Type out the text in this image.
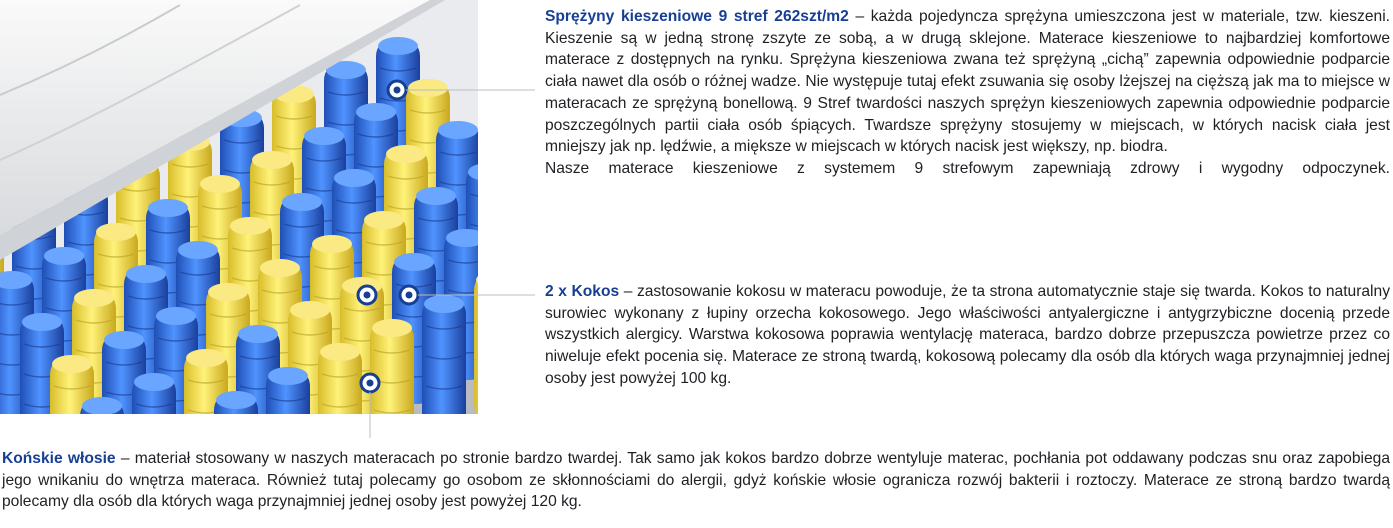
Sprężyny kieszeniowe 9 stref 262szt/m2 – każda pojedyncza sprężyna umieszczona jest w materiale, tzw. kieszeni. Kieszenie są w jedną stronę zszyte ze sobą, a w drugą sklejone. Materace kieszeniowe to najbardziej komfortowe materace z dostępnych na rynku. Sprężyna kieszeniowa zwana też sprężyną „cichą” zapewnia odpowiednie podparcie ciała nawet dla osób o różnej wadze. Nie występuje tutaj efekt zsuwania się osoby lżejszej na cięższą jak ma to miejsce w materacach ze sprężyną bonellową. 9 Stref twardości naszych sprężyn kieszeniowych zapewnia odpowiednie podparcie poszczególnych partii ciała osób śpiących. Twardsze sprężyny stosujemy w miejscach, w których nacisk ciała jest mniejszy jak np. lędźwie, a miększe w miejscach w których nacisk jest większy, np. biodra.
Nasze materace kieszeniowe z systemem 9 strefowym zapewniają zdrowy i wygodny odpoczynek.
2 x Kokos – zastosowanie kokosu w materacu powoduje, że ta strona automatycznie staje się twarda. Kokos to naturalny surowiec wykonany z łupiny orzecha kokosowego. Jego właściwości antyalergiczne i antygrzybiczne docenią przede wszystkich alergicy. Warstwa kokosowa poprawia wentylację materaca, bardzo dobrze przepuszcza powietrze przez co niweluje efekt pocenia się. Materace ze stroną twardą, kokosową polecamy dla osób dla których waga przynajmniej jednej osoby jest powyżej 100 kg.
Końskie włosie – materiał stosowany w naszych materacach po stronie bardzo twardej. Tak samo jak kokos bardzo dobrze wentyluje materac, pochłania pot oddawany podczas snu oraz zapobiega jego wnikaniu do wnętrza materaca. Również tutaj polecamy go osobom ze skłonnościami do alergii, gdyż końskie włosie ogranicza rozwój bakterii i roztoczy. Materace ze stroną bardzo twardą polecamy dla osób dla których waga przynajmniej jednej osoby jest powyżej 120 kg.
